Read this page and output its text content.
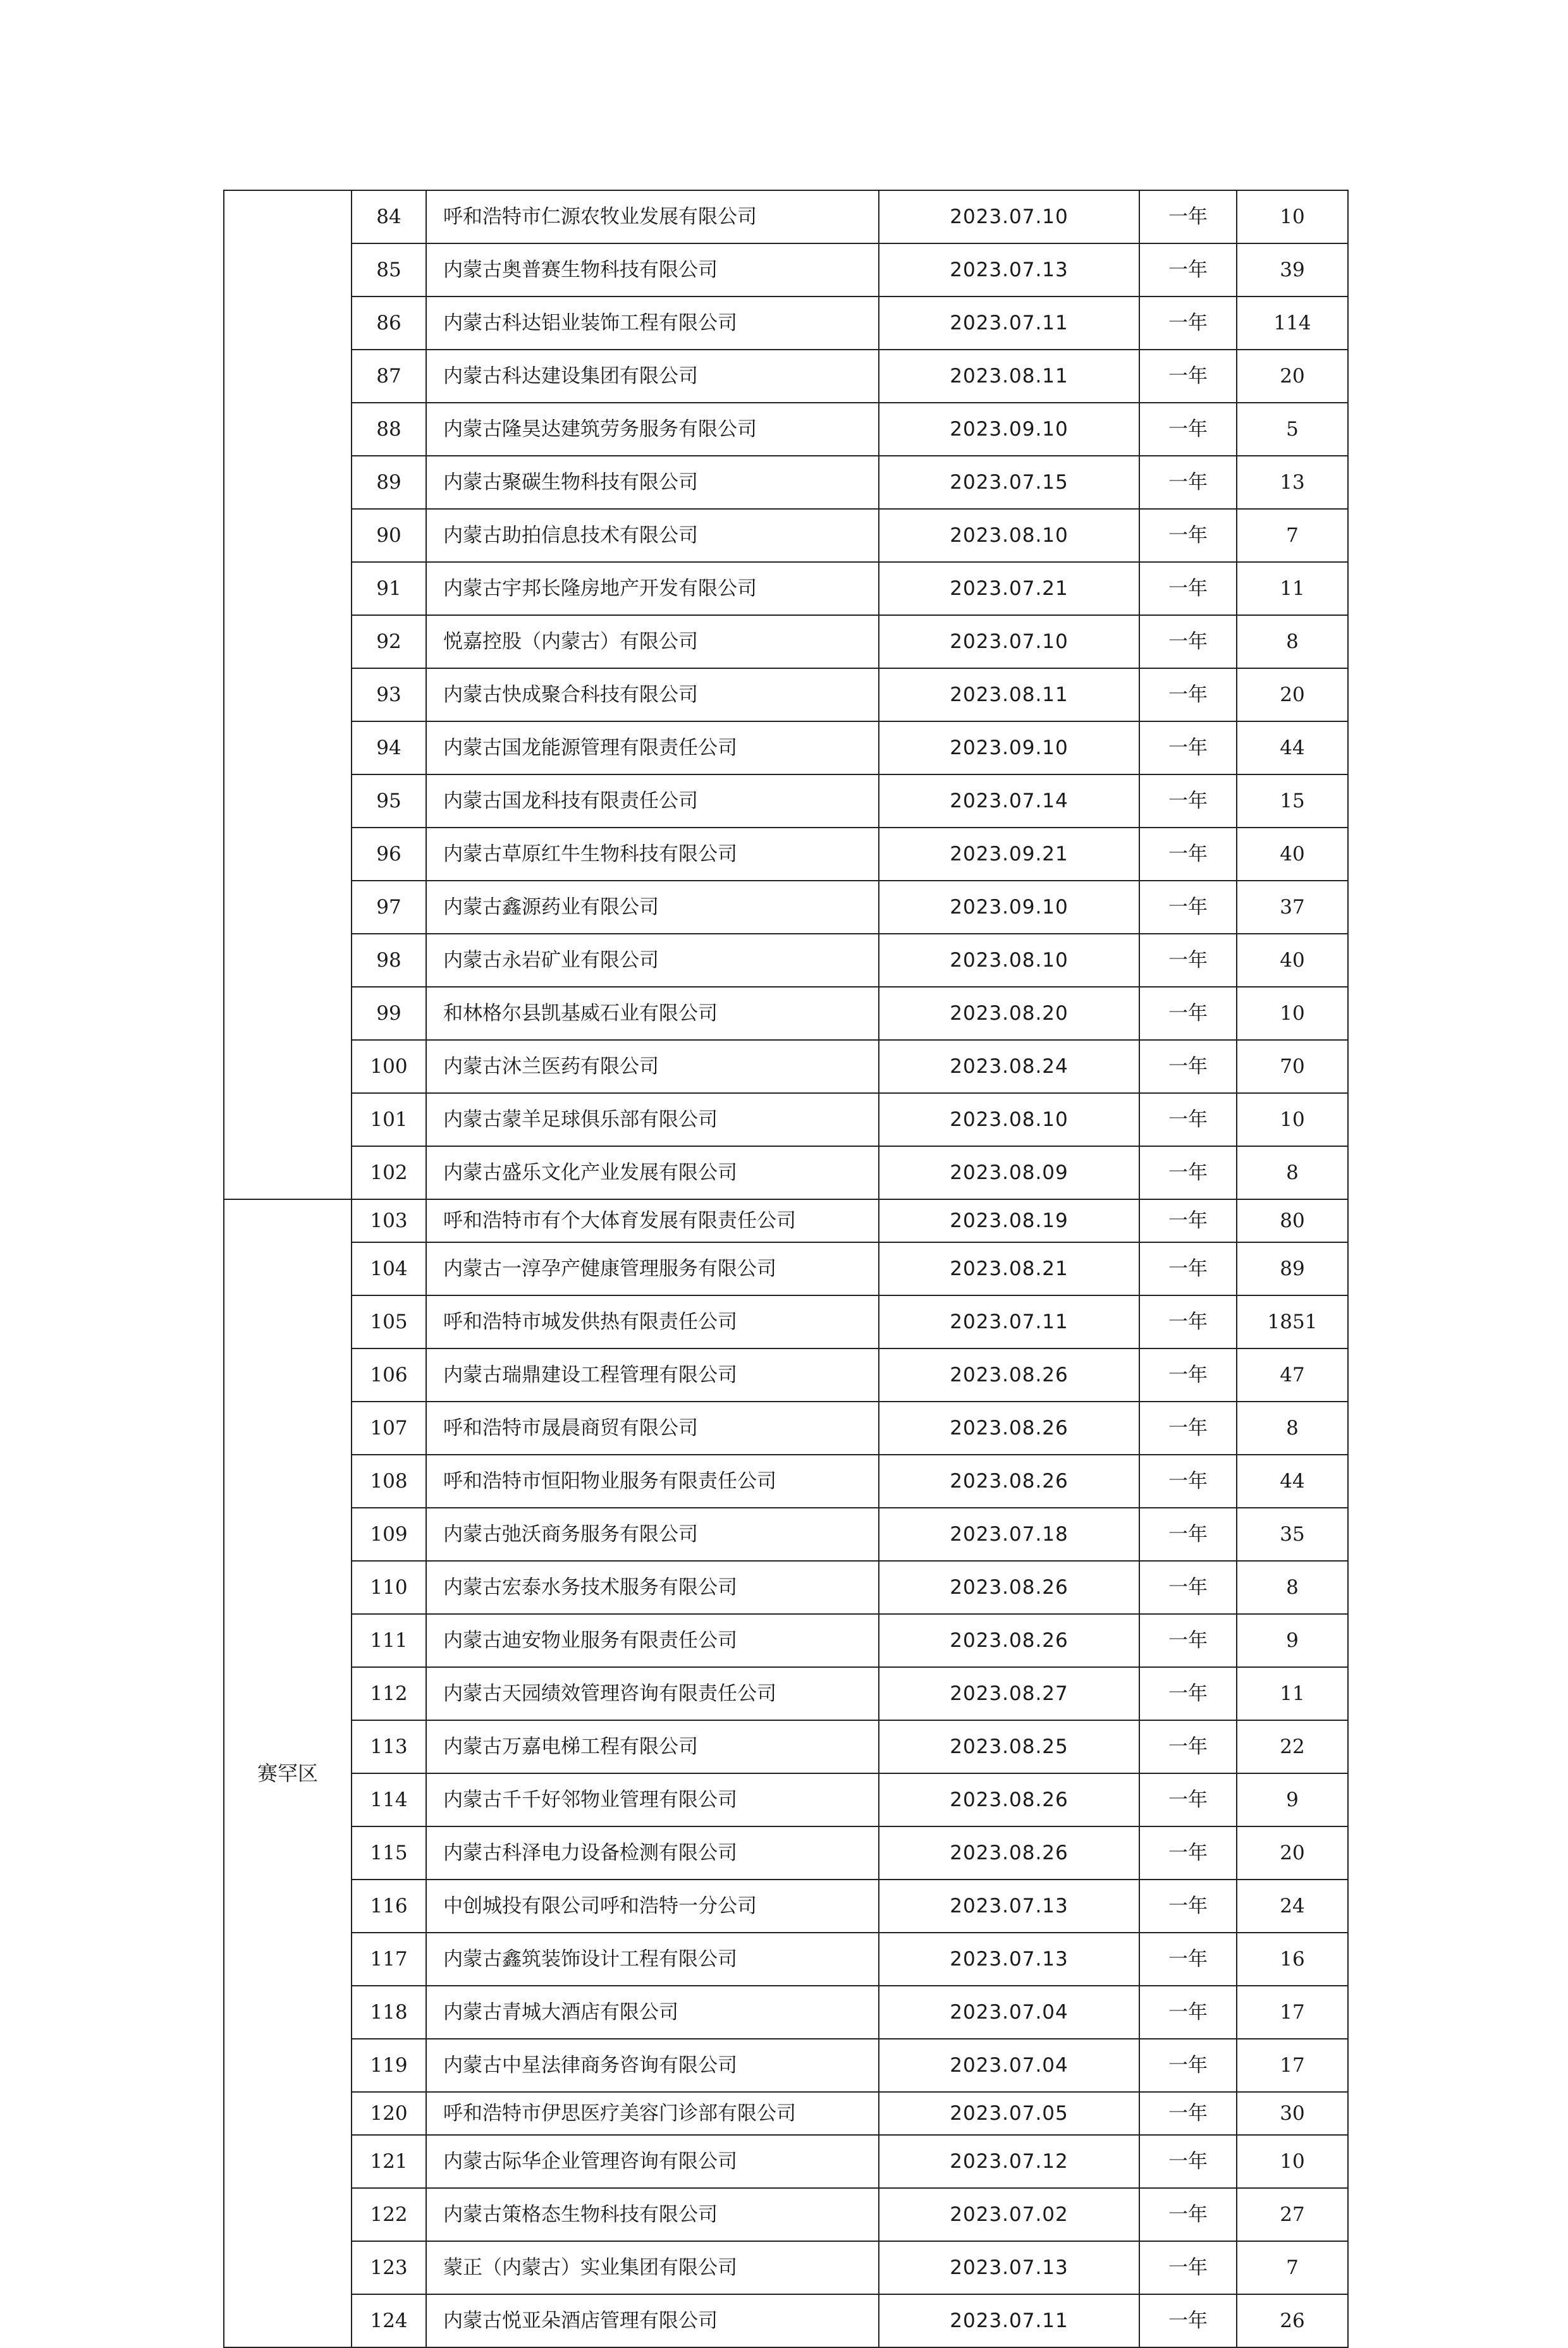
	84	呼和浩特市仁源农牧业发展有限公司	2023.07.10	一年	10
	85	内蒙古奥普赛生物科技有限公司	2023.07.13	一年	39
	86	内蒙古科达铝业装饰工程有限公司	2023.07.11	一年	114
	87	内蒙古科达建设集团有限公司	2023.08.11	一年	20
	88	内蒙古隆昊达建筑劳务服务有限公司	2023.09.10	一年	5
	89	内蒙古聚碳生物科技有限公司	2023.07.15	一年	13
	90	内蒙古助拍信息技术有限公司	2023.08.10	一年	7
	91	内蒙古宇邦长隆房地产开发有限公司	2023.07.21	一年	11
	92	悦嘉控股（内蒙古）有限公司	2023.07.10	一年	8
	93	内蒙古快成聚合科技有限公司	2023.08.11	一年	20
	94	内蒙古国龙能源管理有限责任公司	2023.09.10	一年	44
	95	内蒙古国龙科技有限责任公司	2023.07.14	一年	15
	96	内蒙古草原红牛生物科技有限公司	2023.09.21	一年	40
	97	内蒙古鑫源药业有限公司	2023.09.10	一年	37
	98	内蒙古永岩矿业有限公司	2023.08.10	一年	40
	99	和林格尔县凯基威石业有限公司	2023.08.20	一年	10
	100	内蒙古沐兰医药有限公司	2023.08.24	一年	70
	101	内蒙古蒙羊足球俱乐部有限公司	2023.08.10	一年	10
	102	内蒙古盛乐文化产业发展有限公司	2023.08.09	一年	8
赛罕区	103	呼和浩特市有个大体育发展有限责任公司	2023.08.19	一年	80
	104	内蒙古一淳孕产健康管理服务有限公司	2023.08.21	一年	89
	105	呼和浩特市城发供热有限责任公司	2023.07.11	一年	1851
	106	内蒙古瑞鼎建设工程管理有限公司	2023.08.26	一年	47
	107	呼和浩特市晟晨商贸有限公司	2023.08.26	一年	8
	108	呼和浩特市恒阳物业服务有限责任公司	2023.08.26	一年	44
	109	内蒙古弛沃商务服务有限公司	2023.07.18	一年	35
	110	内蒙古宏泰水务技术服务有限公司	2023.08.26	一年	8
	111	内蒙古迪安物业服务有限责任公司	2023.08.26	一年	9
	112	内蒙古天园绩效管理咨询有限责任公司	2023.08.27	一年	11
	113	内蒙古万嘉电梯工程有限公司	2023.08.25	一年	22
	114	内蒙古千千好邻物业管理有限公司	2023.08.26	一年	9
	115	内蒙古科泽电力设备检测有限公司	2023.08.26	一年	20
	116	中创城投有限公司呼和浩特一分公司	2023.07.13	一年	24
	117	内蒙古鑫筑装饰设计工程有限公司	2023.07.13	一年	16
	118	内蒙古青城大酒店有限公司	2023.07.04	一年	17
	119	内蒙古中星法律商务咨询有限公司	2023.07.04	一年	17
	120	呼和浩特市伊思医疗美容门诊部有限公司	2023.07.05	一年	30
	121	内蒙古际华企业管理咨询有限公司	2023.07.12	一年	10
	122	内蒙古策格态生物科技有限公司	2023.07.02	一年	27
	123	蒙正（内蒙古）实业集团有限公司	2023.07.13	一年	7
	124	内蒙古悦亚朵酒店管理有限公司	2023.07.11	一年	26
